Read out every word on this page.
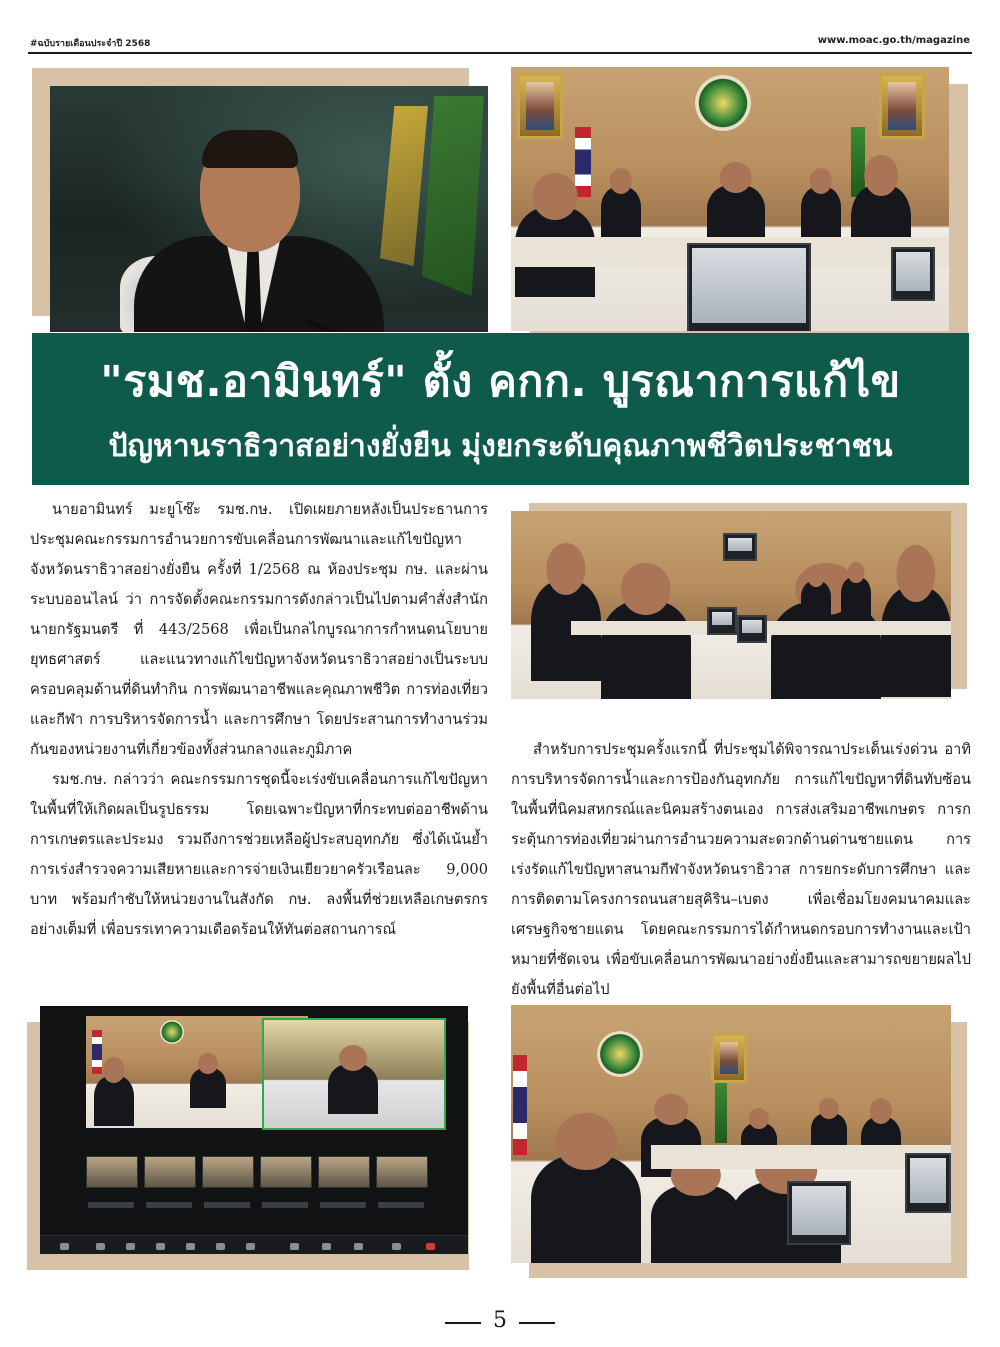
#ฉบับรายเดือนประจำปี 2568	www.moac.go.th/magazine
"รมช.อามินทร์" ตั้ง คกก. บูรณาการแก้ไข
ปัญหานราธิวาสอย่างยั่งยืน มุ่งยกระดับคุณภาพชีวิตประชาชน

นายอามินทร์ มะยูโซ๊ะ รมช.กษ. เปิดเผยภายหลังเป็นประธานการประชุมคณะกรรมการอำนวยการขับเคลื่อนการพัฒนาและแก้ไขปัญหาจังหวัดนราธิวาสอย่างยั่งยืน ครั้งที่ 1/2568 ณ ห้องประชุม กษ. และผ่านระบบออนไลน์ ว่า การจัดตั้งคณะกรรมการดังกล่าวเป็นไปตามคำสั่งสำนักนายกรัฐมนตรี ที่ 443/2568 เพื่อเป็นกลไกบูรณาการกำหนดนโยบาย ยุทธศาสตร์ และแนวทางแก้ไขปัญหาจังหวัดนราธิวาสอย่างเป็นระบบ ครอบคลุมด้านที่ดินทำกิน การพัฒนาอาชีพและคุณภาพชีวิต การท่องเที่ยวและกีฬา การบริหารจัดการน้ำ และการศึกษา โดยประสานการทำงานร่วมกันของหน่วยงานที่เกี่ยวข้องทั้งส่วนกลางและภูมิภาค

รมช.กษ. กล่าวว่า คณะกรรมการชุดนี้จะเร่งขับเคลื่อนการแก้ไขปัญหาในพื้นที่ให้เกิดผลเป็นรูปธรรม โดยเฉพาะปัญหาที่กระทบต่ออาชีพด้านการเกษตรและประมง รวมถึงการช่วยเหลือผู้ประสบอุทกภัย ซึ่งได้เน้นย้ำการเร่งสำรวจความเสียหายและการจ่ายเงินเยียวยาครัวเรือนละ 9,000 บาท พร้อมกำชับให้หน่วยงานในสังกัด กษ. ลงพื้นที่ช่วยเหลือเกษตรกรอย่างเต็มที่ เพื่อบรรเทาความเดือดร้อนให้ทันต่อสถานการณ์

สำหรับการประชุมครั้งแรกนี้ ที่ประชุมได้พิจารณาประเด็นเร่งด่วน อาทิ การบริหารจัดการน้ำและการป้องกันอุทกภัย การแก้ไขปัญหาที่ดินทับซ้อนในพื้นที่นิคมสหกรณ์และนิคมสร้างตนเอง การส่งเสริมอาชีพเกษตร การกระตุ้นการท่องเที่ยวผ่านการอำนวยความสะดวกด้านด่านชายแดน การเร่งรัดแก้ไขปัญหาสนามกีฬาจังหวัดนราธิวาส การยกระดับการศึกษา และการติดตามโครงการถนนสายสุคิริน–เบตง เพื่อเชื่อมโยงคมนาคมและเศรษฐกิจชายแดน โดยคณะกรรมการได้กำหนดกรอบการทำงานและเป้าหมายที่ชัดเจน เพื่อขับเคลื่อนการพัฒนาอย่างยั่งยืนและสามารถขยายผลไปยังพื้นที่อื่นต่อไป

5
